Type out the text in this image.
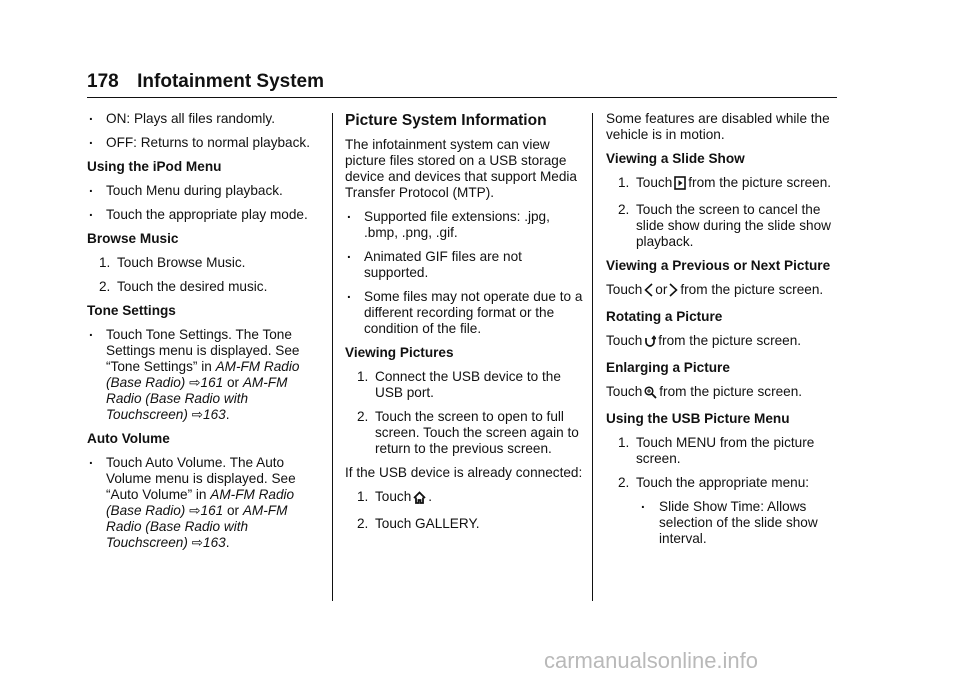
178 Infotainment System
. ON: Plays all files randomly.
. OFF: Returns to normal playback.
Using the iPod Menu
. Touch Menu during playback.
. Touch the appropriate play mode.
Browse Music
1. Touch Browse Music.
2. Touch the desired music.
Tone Settings
. Touch Tone Settings. The Tone Settings menu is displayed. See “Tone Settings” in AM-FM Radio (Base Radio) ⇨161 or AM-FM Radio (Base Radio with Touchscreen) ⇨163.
Auto Volume
. Touch Auto Volume. The Auto Volume menu is displayed. See “Auto Volume” in AM-FM Radio (Base Radio) ⇨161 or AM-FM Radio (Base Radio with Touchscreen) ⇨163.
Picture System Information
The infotainment system can view picture files stored on a USB storage device and devices that support Media Transfer Protocol (MTP).
. Supported file extensions: .jpg, .bmp, .png, .gif.
. Animated GIF files are not supported.
. Some files may not operate due to a different recording format or the condition of the file.
Viewing Pictures
1. Connect the USB device to the USB port.
2. Touch the screen to open to full screen. Touch the screen again to return to the previous screen.
If the USB device is already connected:
1. Touch .
2. Touch GALLERY.
Some features are disabled while the vehicle is in motion.
Viewing a Slide Show
1. Touch from the picture screen.
2. Touch the screen to cancel the slide show during the slide show playback.
Viewing a Previous or Next Picture
Touch or from the picture screen.
Rotating a Picture
Touch from the picture screen.
Enlarging a Picture
Touch from the picture screen.
Using the USB Picture Menu
1. Touch MENU from the picture screen.
2. Touch the appropriate menu:
. Slide Show Time: Allows selection of the slide show interval.
carmanualsonline.info
